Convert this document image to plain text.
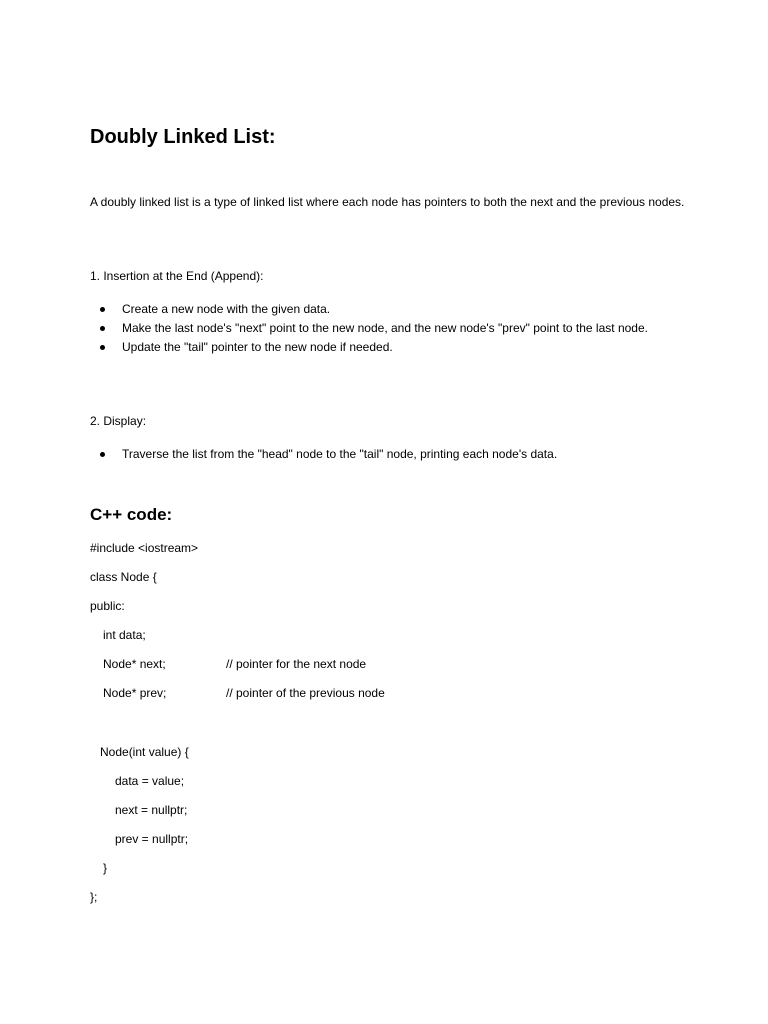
Doubly Linked List:
A doubly linked list is a type of linked list where each node has pointers to both the next and the previous nodes.
1. Insertion at the End (Append):
Create a new node with the given data.
Make the last node's "next" point to the new node, and the new node's "prev" point to the last node.
Update the "tail" pointer to the new node if needed.
2. Display:
Traverse the list from the "head" node to the "tail" node, printing each node's data.
C++ code:
#include <iostream>
class Node {
public:
int data;
Node* next;	// pointer for the next node
Node* prev;	// pointer of the previous node
Node(int value) {
data = value;
next = nullptr;
prev = nullptr;
}
};
